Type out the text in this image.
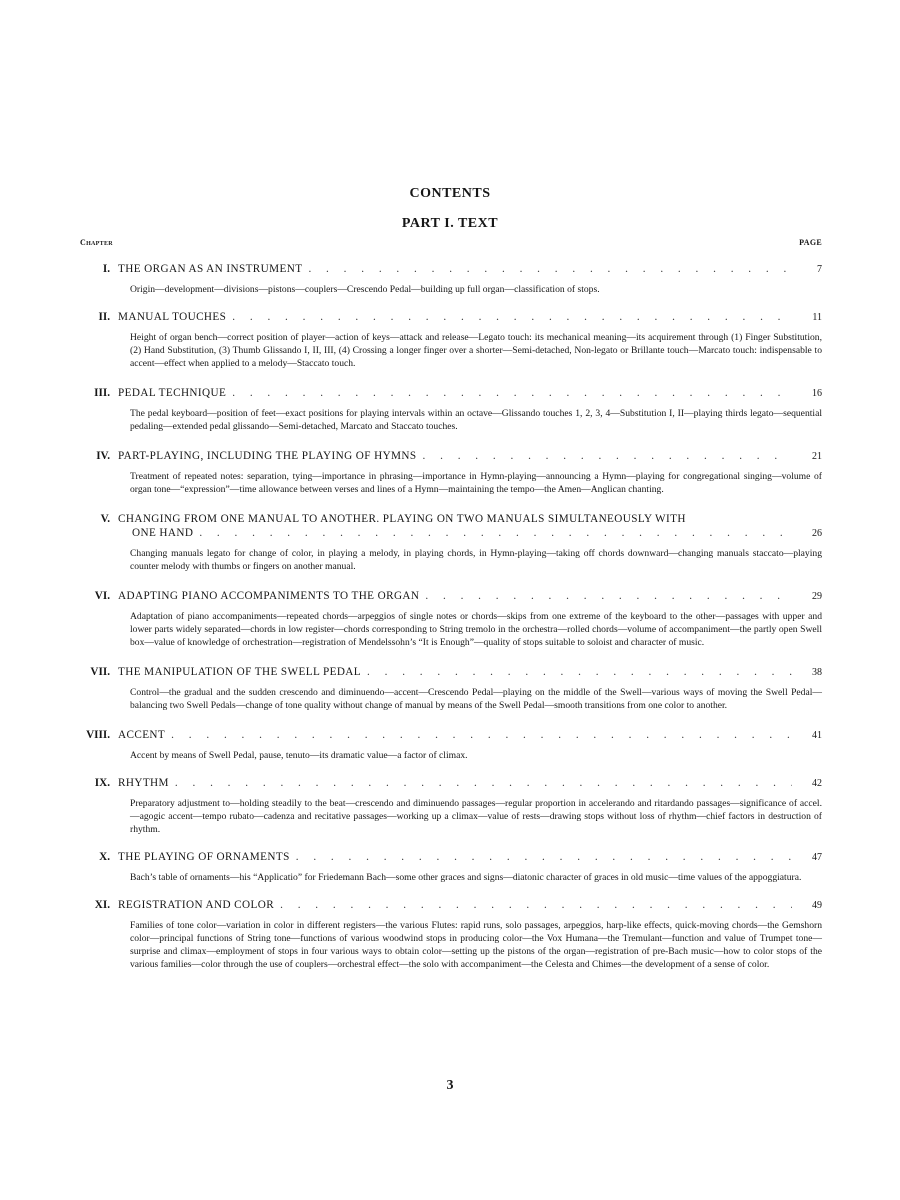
CONTENTS
PART I. TEXT
Chapter	PAGE
I. THE ORGAN AS AN INSTRUMENT . . .	7
Origin—development—divisions—pistons—couplers—Crescendo Pedal—building up full organ—classification of stops.
II. MANUAL TOUCHES . . .	11
Height of organ bench—correct position of player—action of keys—attack and release—Legato touch: its mechanical meaning—its acquirement through (1) Finger Substitution, (2) Hand Substitution, (3) Thumb Glissando I, II, III, (4) Crossing a longer finger over a shorter—Semi-detached, Non-legato or Brillante touch—Marcato touch: indispensable to accent—effect when applied to a melody—Staccato touch.
III. PEDAL TECHNIQUE . . .	16
The pedal keyboard—position of feet—exact positions for playing intervals within an octave—Glissando touches 1, 2, 3, 4—Substitution I, II—playing thirds legato—sequential pedaling—extended pedal glissando—Semi-detached, Marcato and Staccato touches.
IV. PART-PLAYING, INCLUDING THE PLAYING OF HYMNS . . .	21
Treatment of repeated notes: separation, tying—importance in phrasing—importance in Hymn-playing—announcing a Hymn—playing for congregational singing—volume of organ tone—“expression”—time allowance between verses and lines of a Hymn—maintaining the tempo—the Amen—Anglican chanting.
V. CHANGING FROM ONE MANUAL TO ANOTHER. PLAYING ON TWO MANUALS SIMULTANEOUSLY WITH
ONE HAND . . .	26
Changing manuals legato for change of color, in playing a melody, in playing chords, in Hymn-playing—taking off chords downward—changing manuals staccato—playing counter melody with thumbs or fingers on another manual.
VI. ADAPTING PIANO ACCOMPANIMENTS TO THE ORGAN . . .	29
Adaptation of piano accompaniments—repeated chords—arpeggios of single notes or chords—skips from one extreme of the keyboard to the other—passages with upper and lower parts widely separated—chords in low register—chords corresponding to String tremolo in the orchestra—rolled chords—volume of accompaniment—the partly open Swell box—value of knowledge of orchestration—registration of Mendelssohn’s “It is Enough”—quality of stops suitable to soloist and character of music.
VII. THE MANIPULATION OF THE SWELL PEDAL . . .	38
Control—the gradual and the sudden crescendo and diminuendo—accent—Crescendo Pedal—playing on the middle of the Swell—various ways of moving the Swell Pedal—balancing two Swell Pedals—change of tone quality without change of manual by means of the Swell Pedal—smooth transitions from one color to another.
VIII. ACCENT . . .	41
Accent by means of Swell Pedal, pause, tenuto—its dramatic value—a factor of climax.
IX. RHYTHM . . .	42
Preparatory adjustment to—holding steadily to the beat—crescendo and diminuendo passages—regular proportion in accelerando and ritardando passages—significance of accel.—agogic accent—tempo rubato—cadenza and recitative passages—working up a climax—value of rests—drawing stops without loss of rhythm—chief factors in destruction of rhythm.
X. THE PLAYING OF ORNAMENTS . . .	47
Bach’s table of ornaments—his “Applicatio” for Friedemann Bach—some other graces and signs—diatonic character of graces in old music—time values of the appoggiatura.
XI. REGISTRATION AND COLOR . . .	49
Families of tone color—variation in color in different registers—the various Flutes: rapid runs, solo passages, arpeggios, harp-like effects, quick-moving chords—the Gemshorn color—principal functions of String tone—functions of various woodwind stops in producing color—the Vox Humana—the Tremulant—function and value of Trumpet tone—surprise and climax—employment of stops in four various ways to obtain color—setting up the pistons of the organ—registration of pre-Bach music—how to color stops of the various families—color through the use of couplers—orchestral effect—the solo with accompaniment—the Celesta and Chimes—the development of a sense of color.
3
